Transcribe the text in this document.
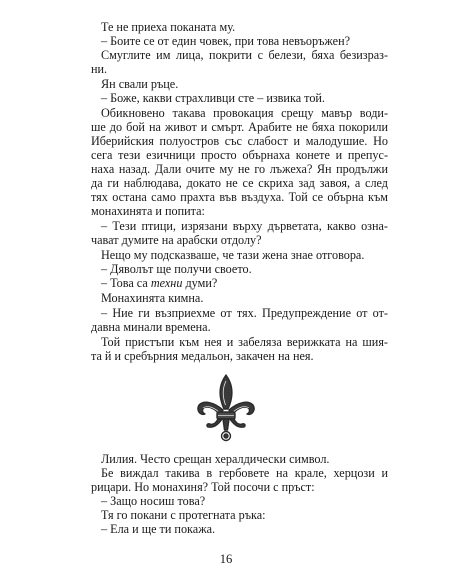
Те не приеха поканата му.
– Боите се от един човек, при това невъоръжен?
Смуглите им лица, покрити с белези, бяха безизраз-
ни.
Ян свали ръце.
– Боже, какви страхливци сте – извика той.
Обикновено такава провокация срещу мавър води-
ше до бой на живот и смърт. Арабите не бяха покорили
Иберийския полуостров със слабост и малодушие. Но
сега тези езичници просто обърнаха конете и препус-
наха назад. Дали очите му не го лъжеха? Ян продължи
да ги наблюдава, докато не се скриха зад завоя, а след
тях остана само прахта във въздуха. Той се обърна към
монахинята и попита:
– Тези птици, изрязани върху дърветата, какво озна-
чават думите на арабски отдолу?
Нещо му подсказваше, че тази жена знае отговора.
– Дяволът ще получи своето.
– Това са техни думи?
Монахинята кимна.
– Ние ги възприехме от тях. Предупреждение от от-
давна минали времена.
Той пристъпи към нея и забеляза верижката на шия-
та й и сребърния медальон, закачен на нея.
Лилия. Често срещан хералдически символ.
Бе виждал такива в гербовете на крале, херцози и
рицари. Но монахиня? Той посочи с пръст:
– Защо носиш това?
Тя го покани с протегната ръка:
– Ела и ще ти покажа.
16
